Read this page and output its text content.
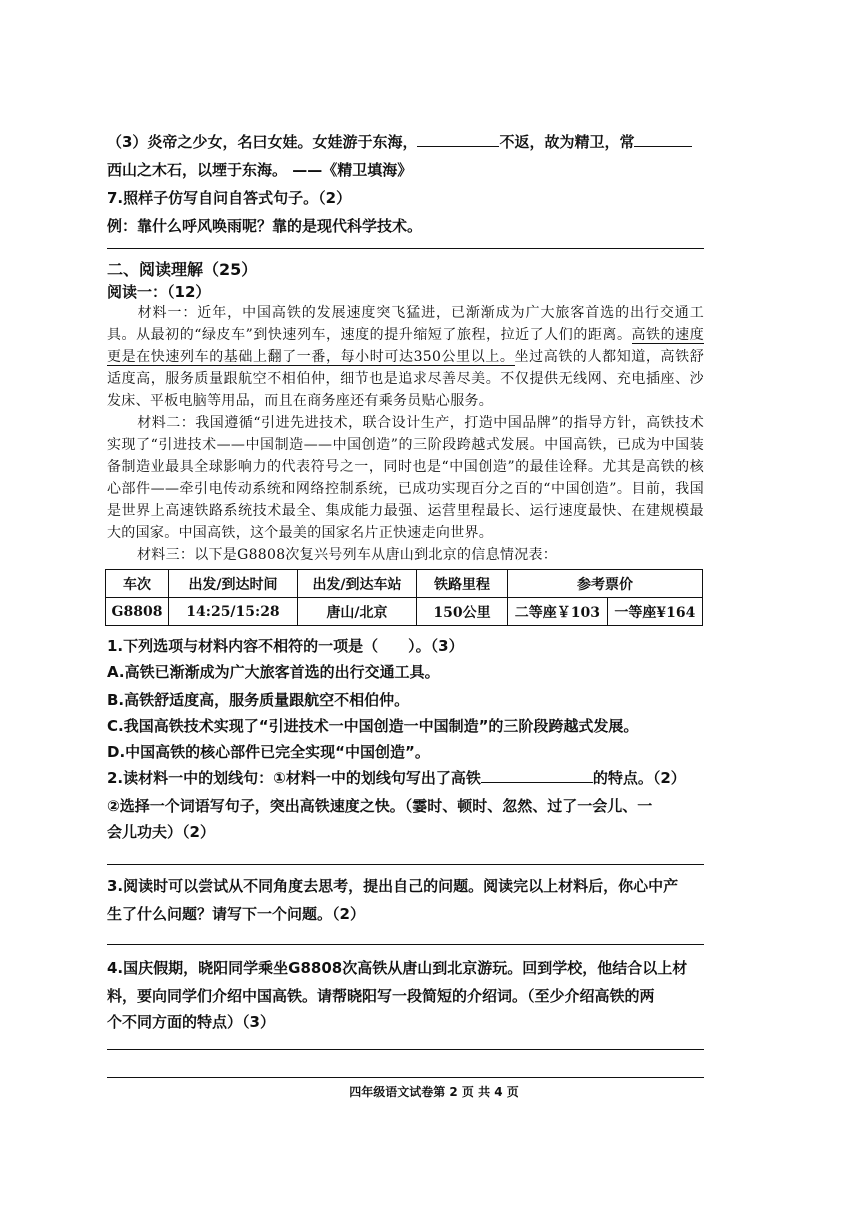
（3）炎帝之少女，名曰女娃。女娃游于东海，	不返，故为精卫，常
西山之木石，以堙于东海。 ——《精卫填海》
7.照样子仿写自问自答式句子。（2）
例：靠什么呼风唤雨呢？靠的是现代科学技术。
二、阅读理解（25）
阅读一：（12）

材料一：近年，中国高铁的发展速度突飞猛进，已渐渐成为广大旅客首选的出行交通工具。从最初的“绿皮车”到快速列车，速度的提升缩短了旅程，拉近了人们的距离。高铁的速度更是在快速列车的基础上翻了一番，每小时可达350公里以上。坐过高铁的人都知道，高铁舒适度高，服务质量跟航空不相伯仲，细节也是追求尽善尽美。不仅提供无线网、充电插座、沙发床、平板电脑等用品，而且在商务座还有乘务员贴心服务。

材料二：我国遵循“引进先进技术，联合设计生产，打造中国品牌”的指导方针，高铁技术实现了“引进技术——中国制造——中国创造”的三阶段跨越式发展。中国高铁，已成为中国装备制造业最具全球影响力的代表符号之一，同时也是“中国创造”的最佳诠释。尤其是高铁的核心部件——牵引电传动系统和网络控制系统，已成功实现百分之百的“中国创造”。目前，我国是世界上高速铁路系统技术最全、集成能力最强、运营里程最长、运行速度最快、在建规模最大的国家。中国高铁，这个最美的国家名片正快速走向世界。

材料三：以下是G8808次复兴号列车从唐山到北京的信息情况表：

车次	出发/到达时间	出发/到达车站	铁路里程	参考票价	
G8808	14:25/15:28	唐山/北京	150公里	二等座￥103	一等座¥164
1.下列选项与材料内容不相符的一项是（　　）。（3）
A.高铁已渐渐成为广大旅客首选的出行交通工具。
B.高铁舒适度高，服务质量跟航空不相伯仲。
C.我国高铁技术实现了“引进技术一中国创造一中国制造”的三阶段跨越式发展。
D.中国高铁的核心部件已完全实现“中国创造”。
2.读材料一中的划线句：①材料一中的划线句写出了高铁	的特点。（2）
②选择一个词语写句子，突出高铁速度之快。（霎时、顿时、忽然、过了一会儿、一
会儿功夫）（2）
3.阅读时可以尝试从不同角度去思考，提出自己的问题。阅读完以上材料后，你心中产
生了什么问题？请写下一个问题。（2）
4.国庆假期，晓阳同学乘坐G8808次高铁从唐山到北京游玩。回到学校，他结合以上材
料，要向同学们介绍中国高铁。请帮晓阳写一段简短的介绍词。（至少介绍高铁的两
个不同方面的特点）（3）
四年级语文试卷第 2 页 共 4 页
